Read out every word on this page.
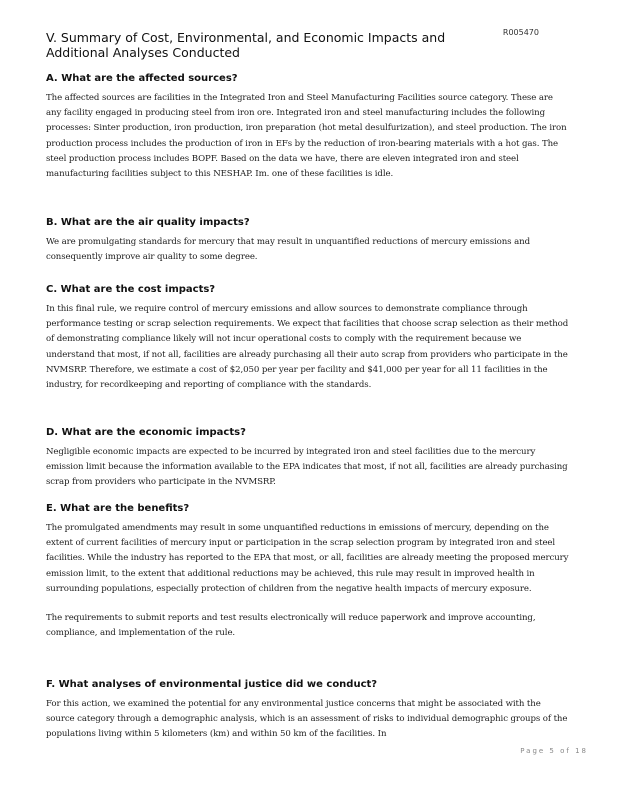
R005470
V. Summary of Cost, Environmental, and Economic Impacts and Additional Analyses Conducted
A. What are the affected sources?

The affected sources are facilities in the Integrated Iron and Steel Manufacturing Facilities source category. These are any facility engaged in producing steel from iron ore. Integrated iron and steel manufacturing includes the following processes: Sinter production, iron production, iron preparation (hot metal desulfurization), and steel production. The iron production process includes the production of iron in EFs by the reduction of iron-bearing materials with a hot gas. The steel production process includes BOPF. Based on the data we have, there are eleven integrated iron and steel manufacturing facilities subject to this NESHAP. Im. one of these facilities is idle.

B. What are the air quality impacts?

We are promulgating standards for mercury that may result in unquantified reductions of mercury emissions and consequently improve air quality to some degree.

C. What are the cost impacts?

In this final rule, we require control of mercury emissions and allow sources to demonstrate compliance through performance testing or scrap selection requirements. We expect that facilities that choose scrap selection as their method of demonstrating compliance likely will not incur operational costs to comply with the requirement because we understand that most, if not all, facilities are already purchasing all their auto scrap from providers who participate in the NVMSRP. Therefore, we estimate a cost of $2,050 per year per facility and $41,000 per year for all 11 facilities in the industry, for recordkeeping and reporting of compliance with the standards.

D. What are the economic impacts?

Negligible economic impacts are expected to be incurred by integrated iron and steel facilities due to the mercury emission limit because the information available to the EPA indicates that most, if not all, facilities are already purchasing scrap from providers who participate in the NVMSRP.

E. What are the benefits?

The promulgated amendments may result in some unquantified reductions in emissions of mercury, depending on the extent of current facilities of mercury input or participation in the scrap selection program by integrated iron and steel facilities. While the industry has reported to the EPA that most, or all, facilities are already meeting the proposed mercury emission limit, to the extent that additional reductions may be achieved, this rule may result in improved health in surrounding populations, especially protection of children from the negative health impacts of mercury exposure.

The requirements to submit reports and test results electronically will reduce paperwork and improve accounting, compliance, and implementation of the rule.

F. What analyses of environmental justice did we conduct?

For this action, we examined the potential for any environmental justice concerns that might be associated with the source category through a demographic analysis, which is an assessment of risks to individual demographic groups of the populations living within 5 kilometers (km) and within 50 km of the facilities. In

Page 5 of 18
